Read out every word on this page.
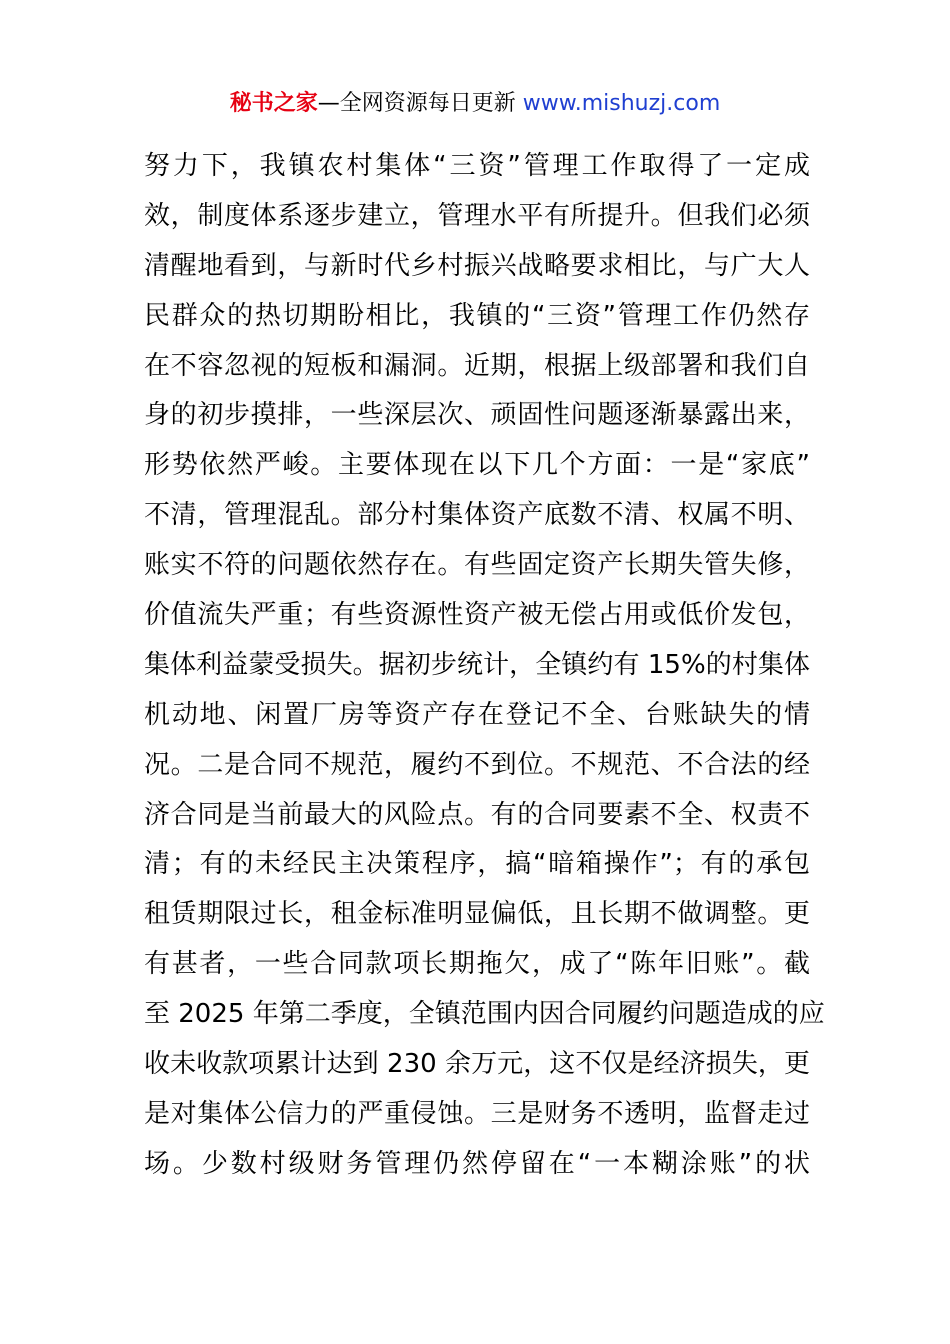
秘书之家—全网资源每日更新 www.mishuzj.com
努力下，我镇农村集体“三资”管理工作取得了一定成
效，制度体系逐步建立，管理水平有所提升。但我们必须
清醒地看到，与新时代乡村振兴战略要求相比，与广大人
民群众的热切期盼相比，我镇的“三资”管理工作仍然存
在不容忽视的短板和漏洞。近期，根据上级部署和我们自
身的初步摸排，一些深层次、顽固性问题逐渐暴露出来，
形势依然严峻。主要体现在以下几个方面：一是“家底”
不清，管理混乱。部分村集体资产底数不清、权属不明、
账实不符的问题依然存在。有些固定资产长期失管失修，
价值流失严重；有些资源性资产被无偿占用或低价发包，
集体利益蒙受损失。据初步统计，全镇约有 15%的村集体
机动地、闲置厂房等资产存在登记不全、台账缺失的情
况。二是合同不规范，履约不到位。不规范、不合法的经
济合同是当前最大的风险点。有的合同要素不全、权责不
清；有的未经民主决策程序，搞“暗箱操作”；有的承包
租赁期限过长，租金标准明显偏低，且长期不做调整。更
有甚者，一些合同款项长期拖欠，成了“陈年旧账”。截
至 2025 年第二季度，全镇范围内因合同履约问题造成的应
收未收款项累计达到 230 余万元，这不仅是经济损失，更
是对集体公信力的严重侵蚀。三是财务不透明，监督走过
场。少数村级财务管理仍然停留在“一本糊涂账”的状
